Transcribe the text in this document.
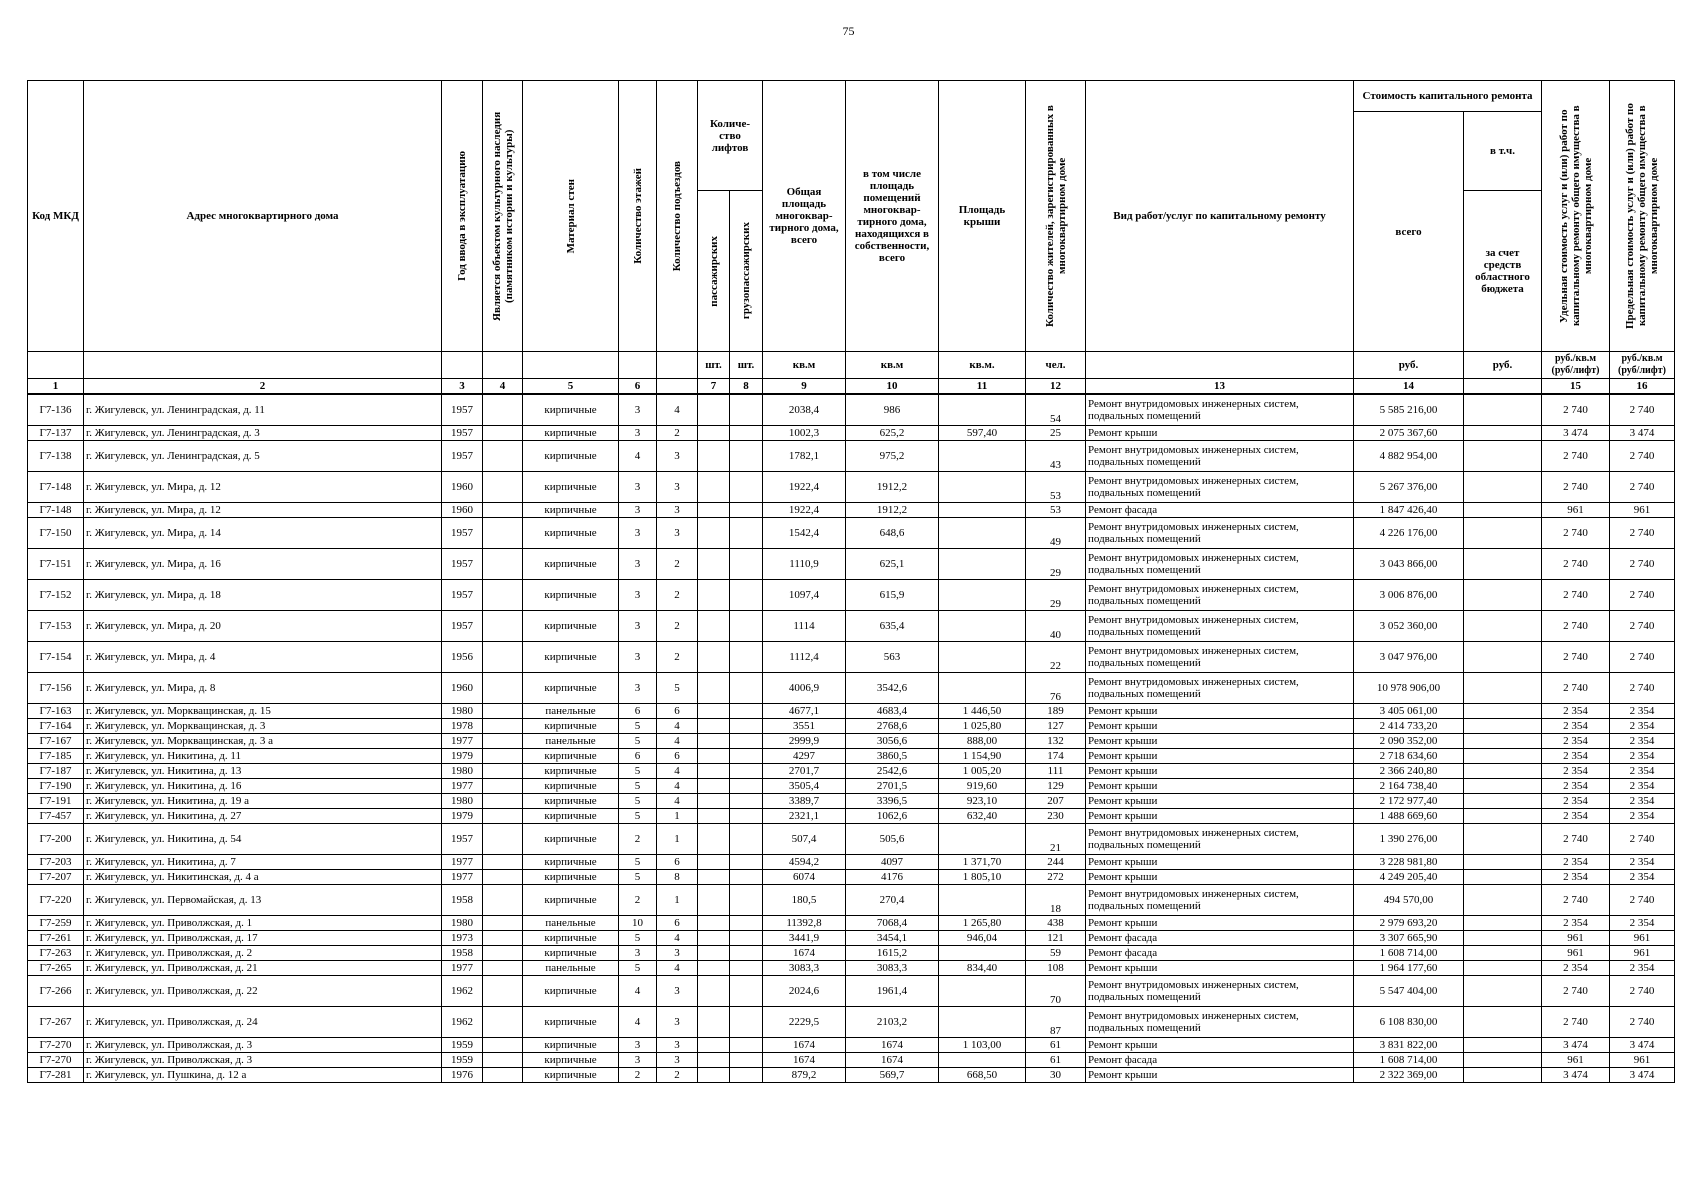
75
Код МКД	Адрес многоквартирного дома	Год ввода в эксплуатацию	Является объектом культурного наследия (памятником истории и культуры)	Материал стен	Количество этажей	Количество подъездов	Количе-ство лифтов		Общая площадь многоквар-тирного дома, всего	в том числе площадь помещений многоквар-тирного дома, находящихся в собственности, всего	Площадь крыши	Количество жителей, зарегистрированных в многоквартирном доме	Вид работ/услуг по капитальному ремонту	Стоимость капитального ремонта		Удельная стоимость услуг и (или) работ по капитальному ремонту общего имущества в многоквартирном доме	Предельная стоимость услуг и (или) работ по капитальному ремонту общего имущества в многоквартирном доме

														всего	в т.ч.		

							пассажирских	грузопассажирских							за счет средств областного бюджета		
							шт.	шт.	кв.м	кв.м	кв.м.	чел.		руб.	руб.	руб./кв.м (руб/лифт)	руб./кв.м (руб/лифт)
1	2	3	4	5	6		7	8	9	10	11	12	13	14		15	16
Г7-136	г. Жигулевск, ул. Ленинградская, д. 11	1957		кирпичные	3	4			2038,4	986		54	Ремонт внутридомовых инженерных систем, подвальных помещений	5 585 216,00		2 740	2 740
Г7-137	г. Жигулевск, ул. Ленинградская, д. 3	1957		кирпичные	3	2			1002,3	625,2	597,40	25	Ремонт крыши	2 075 367,60		3 474	3 474
Г7-138	г. Жигулевск, ул. Ленинградская, д. 5	1957		кирпичные	4	3			1782,1	975,2		43	Ремонт внутридомовых инженерных систем, подвальных помещений	4 882 954,00		2 740	2 740
Г7-148	г. Жигулевск, ул. Мира, д. 12	1960		кирпичные	3	3			1922,4	1912,2		53	Ремонт внутридомовых инженерных систем, подвальных помещений	5 267 376,00		2 740	2 740
Г7-148	г. Жигулевск, ул. Мира, д. 12	1960		кирпичные	3	3			1922,4	1912,2		53	Ремонт фасада	1 847 426,40		961	961
Г7-150	г. Жигулевск, ул. Мира, д. 14	1957		кирпичные	3	3			1542,4	648,6		49	Ремонт внутридомовых инженерных систем, подвальных помещений	4 226 176,00		2 740	2 740
Г7-151	г. Жигулевск, ул. Мира, д. 16	1957		кирпичные	3	2			1110,9	625,1		29	Ремонт внутридомовых инженерных систем, подвальных помещений	3 043 866,00		2 740	2 740
Г7-152	г. Жигулевск, ул. Мира, д. 18	1957		кирпичные	3	2			1097,4	615,9		29	Ремонт внутридомовых инженерных систем, подвальных помещений	3 006 876,00		2 740	2 740
Г7-153	г. Жигулевск, ул. Мира, д. 20	1957		кирпичные	3	2			1114	635,4		40	Ремонт внутридомовых инженерных систем, подвальных помещений	3 052 360,00		2 740	2 740
Г7-154	г. Жигулевск, ул. Мира, д. 4	1956		кирпичные	3	2			1112,4	563		22	Ремонт внутридомовых инженерных систем, подвальных помещений	3 047 976,00		2 740	2 740
Г7-156	г. Жигулевск, ул. Мира, д. 8	1960		кирпичные	3	5			4006,9	3542,6		76	Ремонт внутридомовых инженерных систем, подвальных помещений	10 978 906,00		2 740	2 740
Г7-163	г. Жигулевск, ул. Моркващинская, д. 15	1980		панельные	6	6			4677,1	4683,4	1 446,50	189	Ремонт крыши	3 405 061,00		2 354	2 354
Г7-164	г. Жигулевск, ул. Моркващинская, д. 3	1978		кирпичные	5	4			3551	2768,6	1 025,80	127	Ремонт крыши	2 414 733,20		2 354	2 354
Г7-167	г. Жигулевск, ул. Моркващинская, д. 3 а	1977		панельные	5	4			2999,9	3056,6	888,00	132	Ремонт крыши	2 090 352,00		2 354	2 354
Г7-185	г. Жигулевск, ул. Никитина, д. 11	1979		кирпичные	6	6			4297	3860,5	1 154,90	174	Ремонт крыши	2 718 634,60		2 354	2 354
Г7-187	г. Жигулевск, ул. Никитина, д. 13	1980		кирпичные	5	4			2701,7	2542,6	1 005,20	111	Ремонт крыши	2 366 240,80		2 354	2 354
Г7-190	г. Жигулевск, ул. Никитина, д. 16	1977		кирпичные	5	4			3505,4	2701,5	919,60	129	Ремонт крыши	2 164 738,40		2 354	2 354
Г7-191	г. Жигулевск, ул. Никитина, д. 19 а	1980		кирпичные	5	4			3389,7	3396,5	923,10	207	Ремонт крыши	2 172 977,40		2 354	2 354
Г7-457	г. Жигулевск, ул. Никитина, д. 27	1979		кирпичные	5	1			2321,1	1062,6	632,40	230	Ремонт крыши	1 488 669,60		2 354	2 354
Г7-200	г. Жигулевск, ул. Никитина, д. 54	1957		кирпичные	2	1			507,4	505,6		21	Ремонт внутридомовых инженерных систем, подвальных помещений	1 390 276,00		2 740	2 740
Г7-203	г. Жигулевск, ул. Никитина, д. 7	1977		кирпичные	5	6			4594,2	4097	1 371,70	244	Ремонт крыши	3 228 981,80		2 354	2 354
Г7-207	г. Жигулевск, ул. Никитинская, д. 4 а	1977		кирпичные	5	8			6074	4176	1 805,10	272	Ремонт крыши	4 249 205,40		2 354	2 354
Г7-220	г. Жигулевск, ул. Первомайская, д. 13	1958		кирпичные	2	1			180,5	270,4		18	Ремонт внутридомовых инженерных систем, подвальных помещений	494 570,00		2 740	2 740
Г7-259	г. Жигулевск, ул. Приволжская, д. 1	1980		панельные	10	6			11392,8	7068,4	1 265,80	438	Ремонт крыши	2 979 693,20		2 354	2 354
Г7-261	г. Жигулевск, ул. Приволжская, д. 17	1973		кирпичные	5	4			3441,9	3454,1	946,04	121	Ремонт фасада	3 307 665,90		961	961
Г7-263	г. Жигулевск, ул. Приволжская, д. 2	1958		кирпичные	3	3			1674	1615,2		59	Ремонт фасада	1 608 714,00		961	961
Г7-265	г. Жигулевск, ул. Приволжская, д. 21	1977		панельные	5	4			3083,3	3083,3	834,40	108	Ремонт крыши	1 964 177,60		2 354	2 354
Г7-266	г. Жигулевск, ул. Приволжская, д. 22	1962		кирпичные	4	3			2024,6	1961,4		70	Ремонт внутридомовых инженерных систем, подвальных помещений	5 547 404,00		2 740	2 740
Г7-267	г. Жигулевск, ул. Приволжская, д. 24	1962		кирпичные	4	3			2229,5	2103,2		87	Ремонт внутридомовых инженерных систем, подвальных помещений	6 108 830,00		2 740	2 740
Г7-270	г. Жигулевск, ул. Приволжская, д. 3	1959		кирпичные	3	3			1674	1674	1 103,00	61	Ремонт крыши	3 831 822,00		3 474	3 474
Г7-270	г. Жигулевск, ул. Приволжская, д. 3	1959		кирпичные	3	3			1674	1674		61	Ремонт фасада	1 608 714,00		961	961
Г7-281	г. Жигулевск, ул. Пушкина, д. 12 а	1976		кирпичные	2	2			879,2	569,7	668,50	30	Ремонт крыши	2 322 369,00		3 474	3 474
